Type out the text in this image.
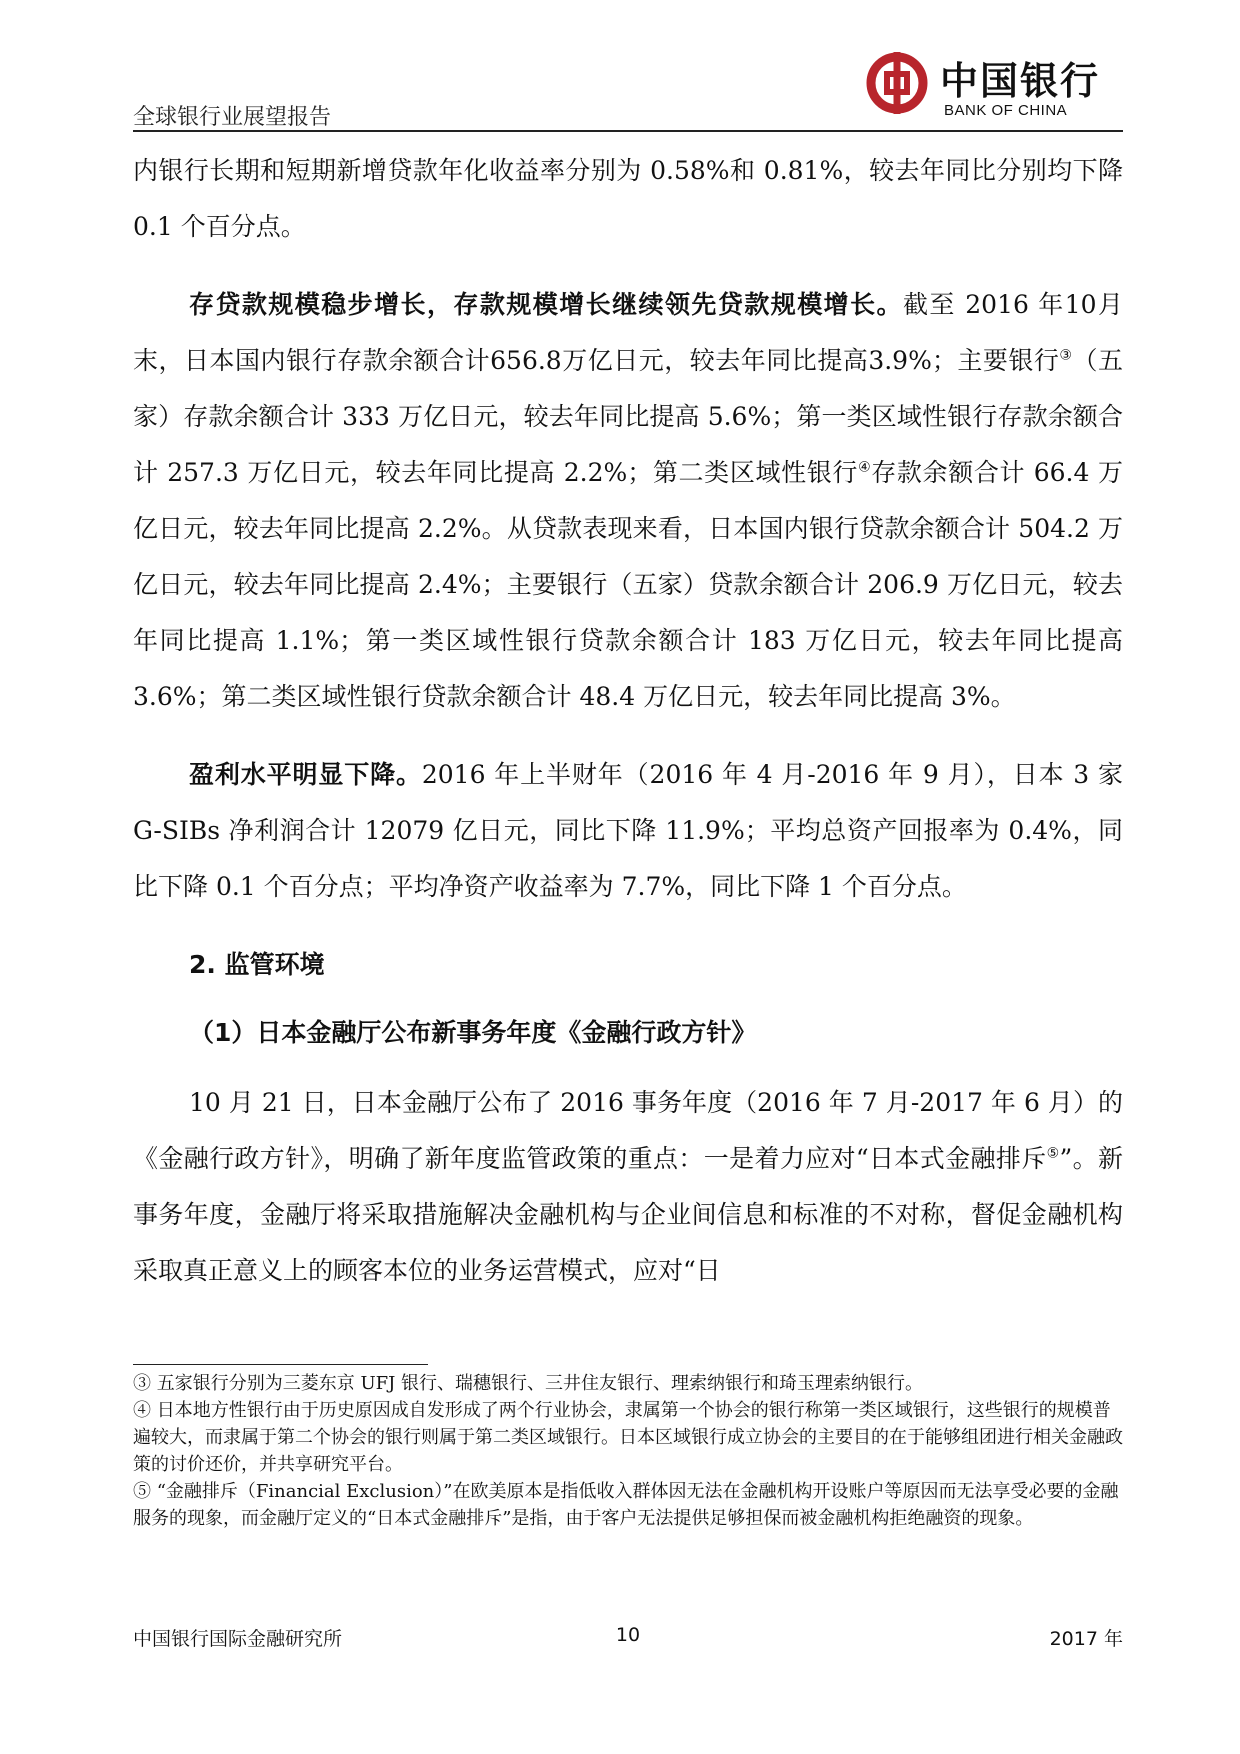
全球银行业展望报告
中国银行
BANK OF CHINA

内银行长期和短期新增贷款年化收益率分别为 0.58%和 0.81%，较去年同比分别均下降 0.1 个百分点。

存贷款规模稳步增长，存款规模增长继续领先贷款规模增长。截至 2016 年10月末，日本国内银行存款余额合计656.8万亿日元，较去年同比提高3.9%；主要银行③（五家）存款余额合计 333 万亿日元，较去年同比提高 5.6%；第一类区域性银行存款余额合计 257.3 万亿日元，较去年同比提高 2.2%；第二类区域性银行④存款余额合计 66.4 万亿日元，较去年同比提高 2.2%。从贷款表现来看，日本国内银行贷款余额合计 504.2 万亿日元，较去年同比提高 2.4%；主要银行（五家）贷款余额合计 206.9 万亿日元，较去年同比提高 1.1%；第一类区域性银行贷款余额合计 183 万亿日元，较去年同比提高 3.6%；第二类区域性银行贷款余额合计 48.4 万亿日元，较去年同比提高 3%。

盈利水平明显下降。2016 年上半财年（2016 年 4 月-2016 年 9 月），日本 3 家 G-SIBs 净利润合计 12079 亿日元，同比下降 11.9%；平均总资产回报率为 0.4%，同比下降 0.1 个百分点；平均净资产收益率为 7.7%，同比下降 1 个百分点。

2. 监管环境
（1）日本金融厅公布新事务年度《金融行政方针》

10 月 21 日，日本金融厅公布了 2016 事务年度（2016 年 7 月-2017 年 6 月）的《金融行政方针》，明确了新年度监管政策的重点：一是着力应对“日本式金融排斥⑤”。新事务年度，金融厅将采取措施解决金融机构与企业间信息和标准的不对称，督促金融机构采取真正意义上的顾客本位的业务运营模式，应对“日

③ 五家银行分别为三菱东京 UFJ 银行、瑞穗银行、三井住友银行、理索纳银行和琦玉理索纳银行。

④ 日本地方性银行由于历史原因成自发形成了两个行业协会，隶属第一个协会的银行称第一类区域银行，这些银行的规模普遍较大，而隶属于第二个协会的银行则属于第二类区域银行。日本区域银行成立协会的主要目的在于能够组团进行相关金融政策的讨价还价，并共享研究平台。

⑤ “金融排斥（Financial Exclusion）”在欧美原本是指低收入群体因无法在金融机构开设账户等原因而无法享受必要的金融服务的现象，而金融厅定义的“日本式金融排斥”是指，由于客户无法提供足够担保而被金融机构拒绝融资的现象。

中国银行国际金融研究所	10	2017 年
